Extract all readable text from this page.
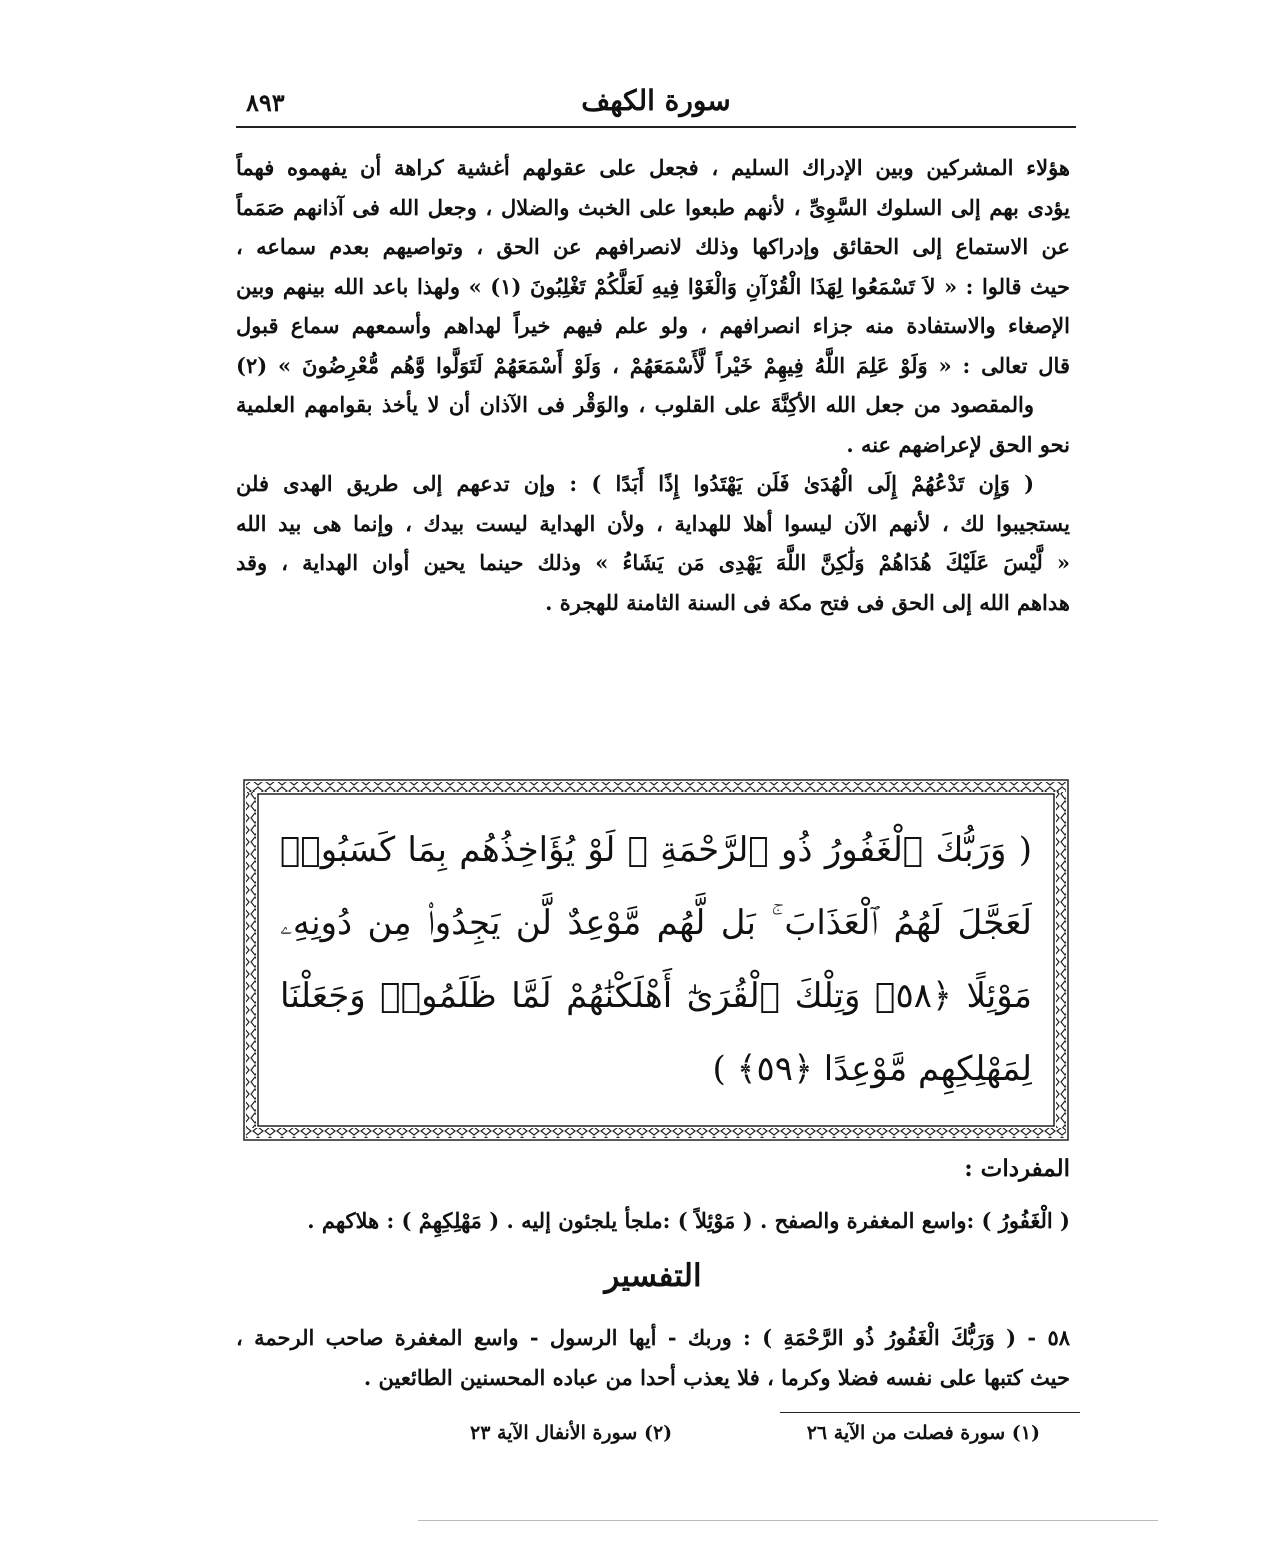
٨٩٣	سورة الكهف
هؤلاء المشركين وبين الإدراك السليم ، فجعل على عقولهم أغشية كراهة أن يفهموه فهماً
يؤدى بهم إلى السلوك السَّوِىِّ ، لأنهم طبعوا على الخبث والضلال ، وجعل الله فى آذانهم صَمَماً
عن الاستماع إلى الحقائق وإدراكها وذلك لانصرافهم عن الحق ، وتواصيهم بعدم سماعه ،
حيث قالوا : « لاَ تَسْمَعُوا لِهَذَا الْقُرْآنِ وَالْغَوْا فِيهِ لَعَلَّكُمْ تَغْلِبُونَ (١) » ولهذا باعد الله بينهم وبين
الإصغاء والاستفادة منه جزاء انصرافهم ، ولو علم فيهم خيراً لهداهم وأسمعهم سماع قبول
قال تعالى : « وَلَوْ عَلِمَ اللَّهُ فِيهِمْ خَيْراً لَّأَسْمَعَهُمْ ، وَلَوْ أَسْمَعَهُمْ لَتَوَلَّوا وَّهُم مُّعْرِضُونَ » (٢)
والمقصود من جعل الله الأكِنَّةَ على القلوب ، والوَقْر فى الآذان أن لا يأخذ بقوامهم العلمية
نحو الحق لإعراضهم عنه .
( وَإِن تَدْعُهُمْ إِلَى الْهُدَىٰ فَلَن يَهْتَدُوا إِذًا أَبَدًا ) : وإن تدعهم إلى طريق الهدى فلن
يستجيبوا لك ، لأنهم الآن ليسوا أهلا للهداية ، ولأن الهداية ليست بيدك ، وإنما هى بيد الله
« لَّيْسَ عَلَيْكَ هُدَاهُمْ وَلَٰكِنَّ اللَّهَ يَهْدِى مَن يَشَاءُ » وذلك حينما يحين أوان الهداية ، وقد
هداهم الله إلى الحق فى فتح مكة فى السنة الثامنة للهجرة .
( وَرَبُّكَ ٱلْغَفُورُ ذُو ٱلرَّحْمَةِ ۖ لَوْ يُؤَاخِذُهُم بِمَا كَسَبُوا۟
لَعَجَّلَ لَهُمُ ٱلْعَذَابَ ۚ بَل لَّهُم مَّوْعِدٌ لَّن يَجِدُوا۟ مِن دُونِهِۦ
مَوْئِلًا ﴿٥٨﴾ وَتِلْكَ ٱلْقُرَىٰٓ أَهْلَكْنَٰهُمْ لَمَّا ظَلَمُوا۟ وَجَعَلْنَا
لِمَهْلِكِهِم مَّوْعِدًا ﴿٥٩﴾ )
المفردات :
( الْغَفُورُ ) :واسع المغفرة والصفح . ( مَوْئِلاً ) :ملجأ يلجئون إليه . ( مَهْلِكِهِمْ ) : هلاكهم .
التفسير
٥٨ - ( وَرَبُّكَ الْغَفُورُ ذُو الرَّحْمَةِ ) : وربك - أيها الرسول - واسع المغفرة صاحب الرحمة ،
حيث كتبها على نفسه فضلا وكرما ، فلا يعذب أحدا من عباده المحسنين الطائعين .
(١) سورة فصلت من الآية ٢٦
(٢) سورة الأنفال الآية ٢٣
